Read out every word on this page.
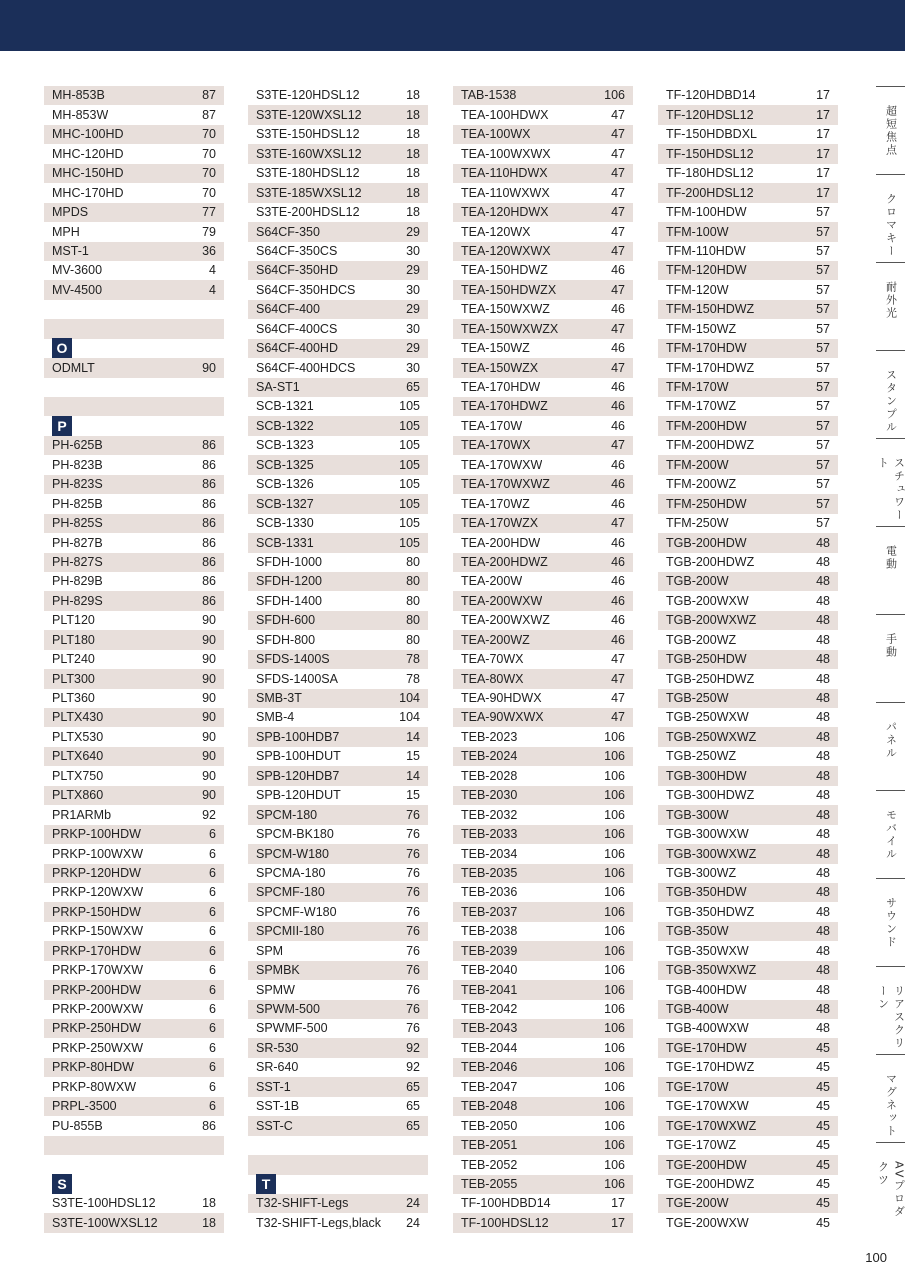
MH-853B	87
MH-853W	87
MHC-100HD	70
MHC-120HD	70
MHC-150HD	70
MHC-170HD	70
MPDS	77
MPH	79
MST-1	36
MV-3600	4
MV-4500	4
O
ODMLT	90
P
PH-625B	86
PH-823B	86
PH-823S	86
PH-825B	86
PH-825S	86
PH-827B	86
PH-827S	86
PH-829B	86
PH-829S	86
PLT120	90
PLT180	90
PLT240	90
PLT300	90
PLT360	90
PLTX430	90
PLTX530	90
PLTX640	90
PLTX750	90
PLTX860	90
PR1ARMb	92
PRKP-100HDW	6
PRKP-100WXW	6
PRKP-120HDW	6
PRKP-120WXW	6
PRKP-150HDW	6
PRKP-150WXW	6
PRKP-170HDW	6
PRKP-170WXW	6
PRKP-200HDW	6
PRKP-200WXW	6
PRKP-250HDW	6
PRKP-250WXW	6
PRKP-80HDW	6
PRKP-80WXW	6
PRPL-3500	6
PU-855B	86
S
S3TE-100HDSL12	18
S3TE-100WXSL12	18
S3TE-120HDSL12	18
S3TE-120WXSL12	18
S3TE-150HDSL12	18
S3TE-160WXSL12	18
S3TE-180HDSL12	18
S3TE-185WXSL12	18
S3TE-200HDSL12	18
S64CF-350	29
S64CF-350CS	30
S64CF-350HD	29
S64CF-350HDCS	30
S64CF-400	29
S64CF-400CS	30
S64CF-400HD	29
S64CF-400HDCS	30
SA-ST1	65
SCB-1321	105
SCB-1322	105
SCB-1323	105
SCB-1325	105
SCB-1326	105
SCB-1327	105
SCB-1330	105
SCB-1331	105
SFDH-1000	80
SFDH-1200	80
SFDH-1400	80
SFDH-600	80
SFDH-800	80
SFDS-1400S	78
SFDS-1400SA	78
SMB-3T	104
SMB-4	104
SPB-100HDB7	14
SPB-100HDUT	15
SPB-120HDB7	14
SPB-120HDUT	15
SPCM-180	76
SPCM-BK180	76
SPCM-W180	76
SPCMA-180	76
SPCMF-180	76
SPCMF-W180	76
SPCMII-180	76
SPM	76
SPMBK	76
SPMW	76
SPWM-500	76
SPWMF-500	76
SR-530	92
SR-640	92
SST-1	65
SST-1B	65
SST-C	65
T
T32-SHIFT-Legs	24
T32-SHIFT-Legs,black 24
TAB-1538	106
TEA-100HDWX	47
TEA-100WX	47
TEA-100WXWX	47
TEA-110HDWX	47
TEA-110WXWX	47
TEA-120HDWX	47
TEA-120WX	47
TEA-120WXWX	47
TEA-150HDWZ	46
TEA-150HDWZX	47
TEA-150WXWZ	46
TEA-150WXWZX	47
TEA-150WZ	46
TEA-150WZX	47
TEA-170HDW	46
TEA-170HDWZ	46
TEA-170W	46
TEA-170WX	47
TEA-170WXW	46
TEA-170WXWZ	46
TEA-170WZ	46
TEA-170WZX	47
TEA-200HDW	46
TEA-200HDWZ	46
TEA-200W	46
TEA-200WXW	46
TEA-200WXWZ	46
TEA-200WZ	46
TEA-70WX	47
TEA-80WX	47
TEA-90HDWX	47
TEA-90WXWX	47
TEB-2023	106
TEB-2024	106
TEB-2028	106
TEB-2030	106
TEB-2032	106
TEB-2033	106
TEB-2034	106
TEB-2035	106
TEB-2036	106
TEB-2037	106
TEB-2038	106
TEB-2039	106
TEB-2040	106
TEB-2041	106
TEB-2042	106
TEB-2043	106
TEB-2044	106
TEB-2046	106
TEB-2047	106
TEB-2048	106
TEB-2050	106
TEB-2051	106
TEB-2052	106
TEB-2055	106
TF-100HDBD14	17
TF-100HDSL12	17
TF-120HDBD14	17
TF-120HDSL12	17
TF-150HDBDXL	17
TF-150HDSL12	17
TF-180HDSL12	17
TF-200HDSL12	17
TFM-100HDW	57
TFM-100W	57
TFM-110HDW	57
TFM-120HDW	57
TFM-120W	57
TFM-150HDWZ	57
TFM-150WZ	57
TFM-170HDW	57
TFM-170HDWZ	57
TFM-170W	57
TFM-170WZ	57
TFM-200HDW	57
TFM-200HDWZ	57
TFM-200W	57
TFM-200WZ	57
TFM-250HDW	57
TFM-250W	57
TGB-200HDW	48
TGB-200HDWZ	48
TGB-200W	48
TGB-200WXW	48
TGB-200WXWZ	48
TGB-200WZ	48
TGB-250HDW	48
TGB-250HDWZ	48
TGB-250W	48
TGB-250WXW	48
TGB-250WXWZ	48
TGB-250WZ	48
TGB-300HDW	48
TGB-300HDWZ	48
TGB-300W	48
TGB-300WXW	48
TGB-300WXWZ	48
TGB-300WZ	48
TGB-350HDW	48
TGB-350HDWZ	48
TGB-350W	48
TGB-350WXW	48
TGB-350WXWZ	48
TGB-400HDW	48
TGB-400W	48
TGB-400WXW	48
TGE-170HDW	45
TGE-170HDWZ	45
TGE-170W	45
TGE-170WXW	45
TGE-170WXWZ	45
TGE-170WZ	45
TGE-200HDW	45
TGE-200HDWZ	45
TGE-200W	45
TGE-200WXW	45
超短焦点
クロマキー
耐外光
スタンプル
スチュワート
電動
手動
パネル
モバイル
サウンド
リアスクリーン
マグネット
AVプロダクツ
100
